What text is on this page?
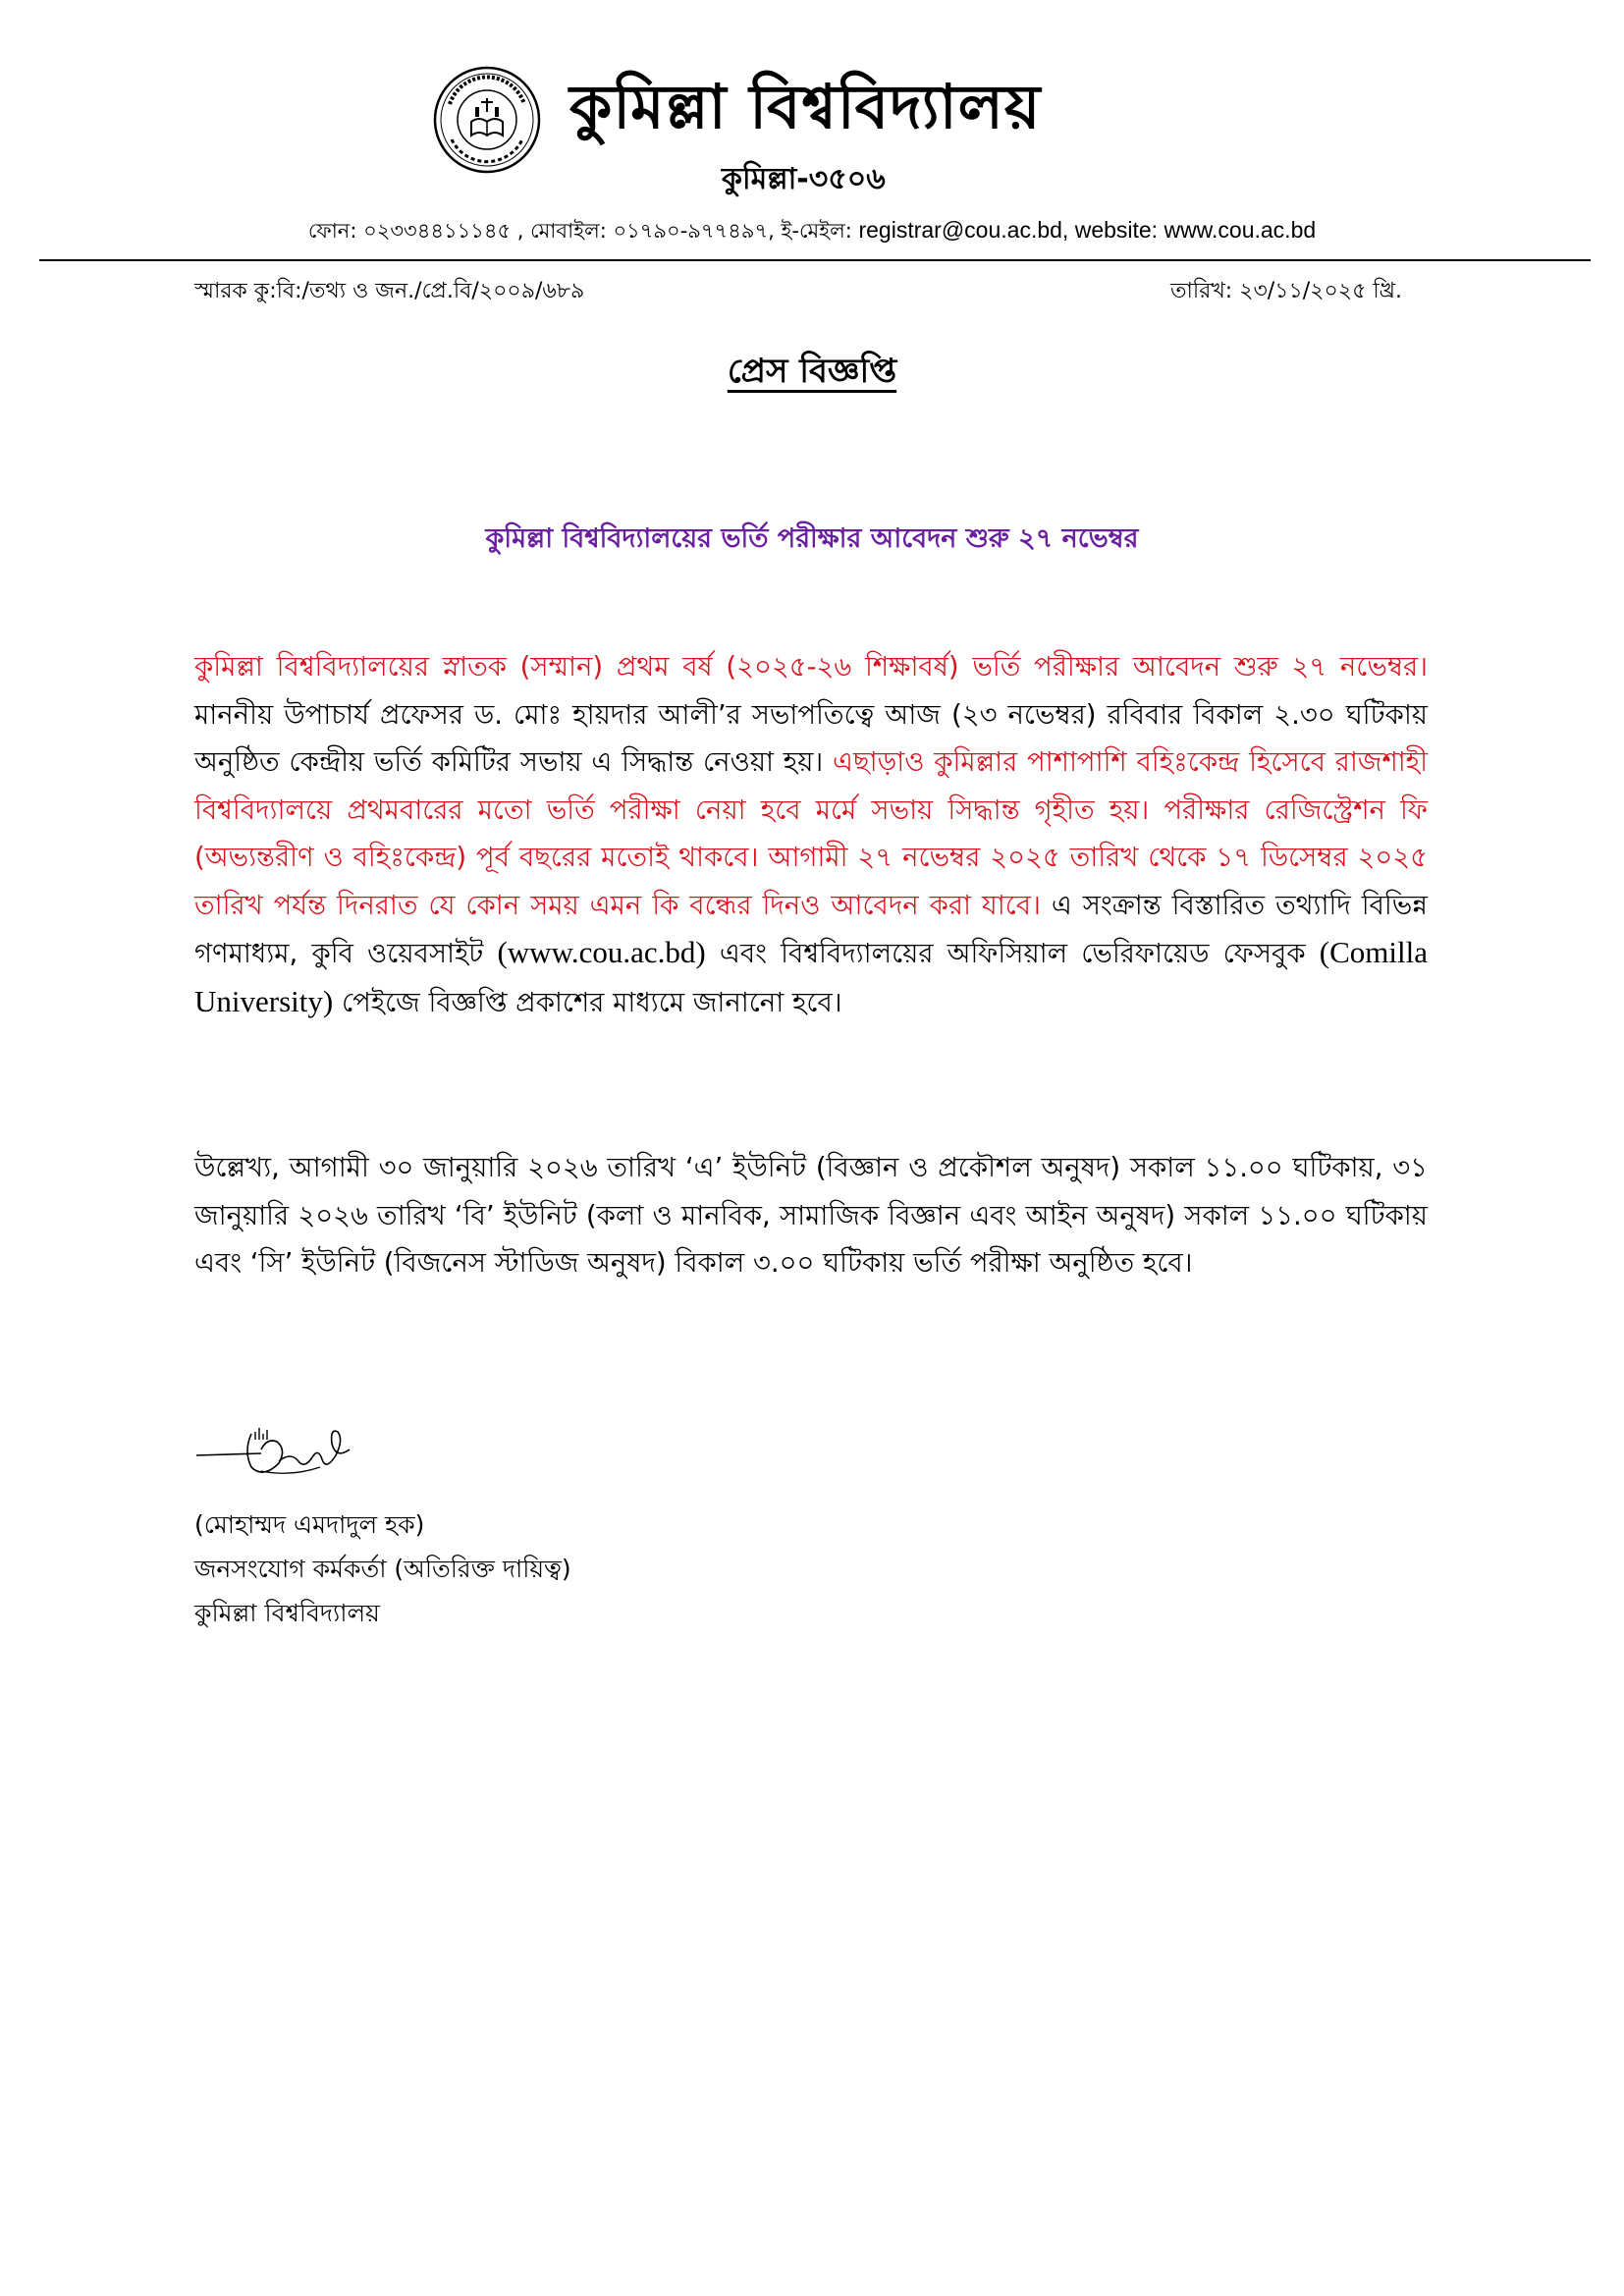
কুমিল্লা বিশ্ববিদ্যালয়
কুমিল্লা-৩৫০৬
ফোন: ০২৩৩৪৪১১১৪৫ , মোবাইল: ০১৭৯০-৯৭৭৪৯৭, ই-মেইল: registrar@cou.ac.bd, website: www.cou.ac.bd
স্মারক কু:বি:/তথ্য ও জন./প্রে.বি/২০০৯/৬৮৯	তারিখ: ২৩/১১/২০২৫ খ্রি.
প্রেস বিজ্ঞপ্তি
কুমিল্লা বিশ্ববিদ্যালয়ের ভর্তি পরীক্ষার আবেদন শুরু ২৭ নভেম্বর
কুমিল্লা বিশ্ববিদ্যালয়ের স্নাতক (সম্মান) প্রথম বর্ষ (২০২৫-২৬ শিক্ষাবর্ষ) ভর্তি পরীক্ষার আবেদন শুরু ২৭ নভেম্বর। মাননীয় উপাচার্য প্রফেসর ড. মোঃ হায়দার আলী’র সভাপতিত্বে আজ (২৩ নভেম্বর) রবিবার বিকাল ২.৩০ ঘটিকায় অনুষ্ঠিত কেন্দ্রীয় ভর্তি কমিটির সভায় এ সিদ্ধান্ত নেওয়া হয়। এছাড়াও কুমিল্লার পাশাপাশি বহিঃকেন্দ্র হিসেবে রাজশাহী বিশ্ববিদ্যালয়ে প্রথমবারের মতো ভর্তি পরীক্ষা নেয়া হবে মর্মে সভায় সিদ্ধান্ত গৃহীত হয়। পরীক্ষার রেজিস্ট্রেশন ফি (অভ্যন্তরীণ ও বহিঃকেন্দ্র) পূর্ব বছরের মতোই থাকবে। আগামী ২৭ নভেম্বর ২০২৫ তারিখ থেকে ১৭ ডিসেম্বর ২০২৫ তারিখ পর্যন্ত দিনরাত যে কোন সময় এমন কি বন্ধের দিনও আবেদন করা যাবে। এ সংক্রান্ত বিস্তারিত তথ্যাদি বিভিন্ন গণমাধ্যম, কুবি ওয়েবসাইট (www.cou.ac.bd) এবং বিশ্ববিদ্যালয়ের অফিসিয়াল ভেরিফায়েড ফেসবুক (Comilla University) পেইজে বিজ্ঞপ্তি প্রকাশের মাধ্যমে জানানো হবে।
উল্লেখ্য, আগামী ৩০ জানুয়ারি ২০২৬ তারিখ ‘এ’ ইউনিট (বিজ্ঞান ও প্রকৌশল অনুষদ) সকাল ১১.০০ ঘটিকায়, ৩১ জানুয়ারি ২০২৬ তারিখ ‘বি’ ইউনিট (কলা ও মানবিক, সামাজিক বিজ্ঞান এবং আইন অনুষদ) সকাল ১১.০০ ঘটিকায় এবং ‘সি’ ইউনিট (বিজনেস স্টাডিজ অনুষদ) বিকাল ৩.০০ ঘটিকায় ভর্তি পরীক্ষা অনুষ্ঠিত হবে।
(মোহাম্মদ এমদাদুল হক)
জনসংযোগ কর্মকর্তা (অতিরিক্ত দায়িত্ব)
কুমিল্লা বিশ্ববিদ্যালয়
